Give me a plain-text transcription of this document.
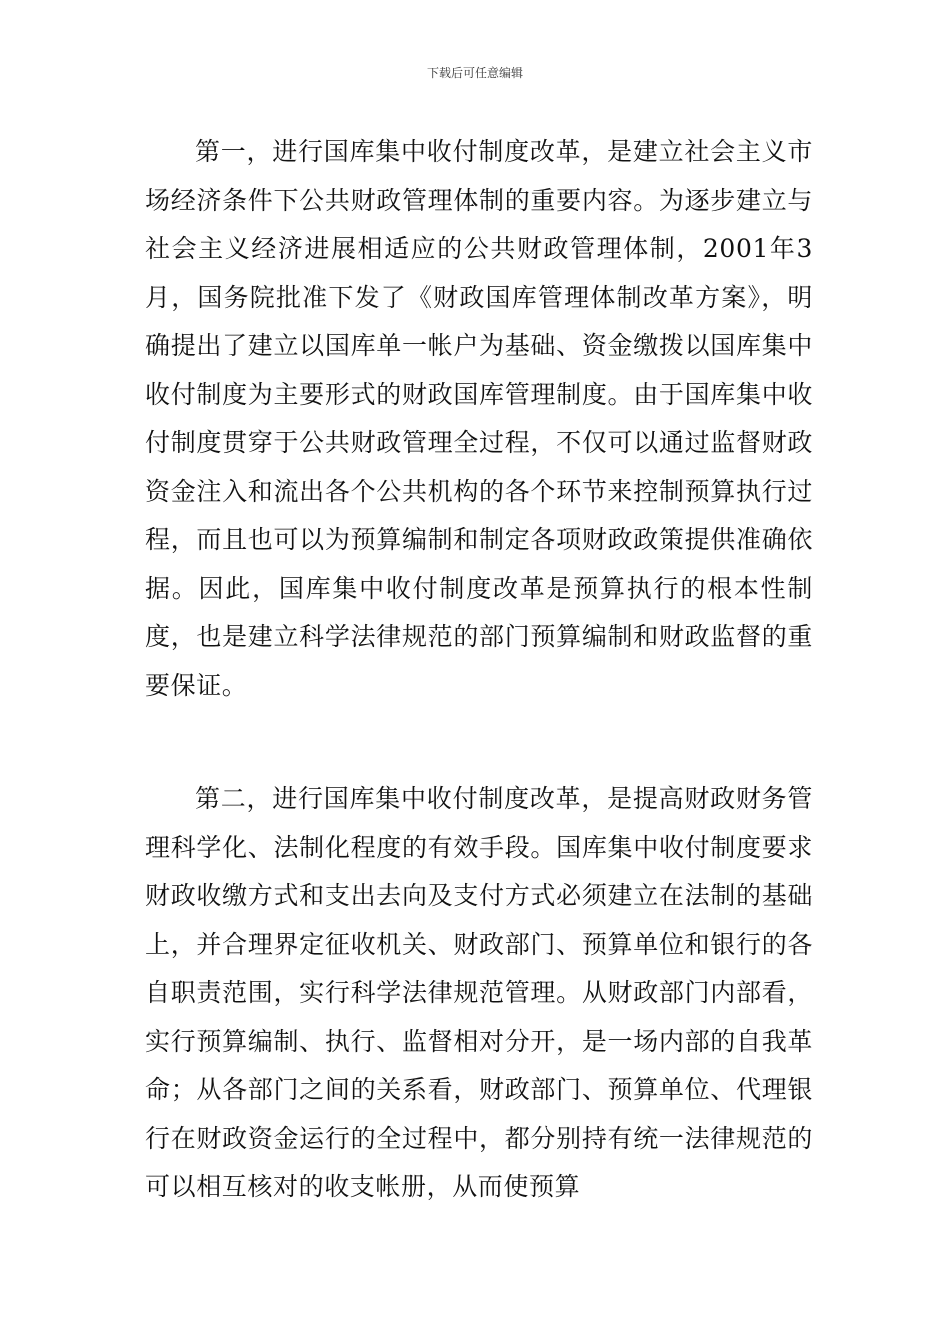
下载后可任意编辑

第一，进行国库集中收付制度改革，是建立社会主义市场经济条件下公共财政管理体制的重要内容。为逐步建立与社会主义经济进展相适应的公共财政管理体制，2001年3月，国务院批准下发了《财政国库管理体制改革方案》，明确提出了建立以国库单一帐户为基础、资金缴拨以国库集中收付制度为主要形式的财政国库管理制度。由于国库集中收付制度贯穿于公共财政管理全过程，不仅可以通过监督财政资金注入和流出各个公共机构的各个环节来控制预算执行过程，而且也可以为预算编制和制定各项财政政策提供准确依据。因此，国库集中收付制度改革是预算执行的根本性制度，也是建立科学法律规范的部门预算编制和财政监督的重要保证。

第二，进行国库集中收付制度改革，是提高财政财务管理科学化、法制化程度的有效手段。国库集中收付制度要求财政收缴方式和支出去向及支付方式必须建立在法制的基础上，并合理界定征收机关、财政部门、预算单位和银行的各自职责范围，实行科学法律规范管理。从财政部门内部看，实行预算编制、执行、监督相对分开，是一场内部的自我革命；从各部门之间的关系看，财政部门、预算单位、代理银行在财政资金运行的全过程中，都分别持有统一法律规范的可以相互核对的收支帐册，从而使预算
